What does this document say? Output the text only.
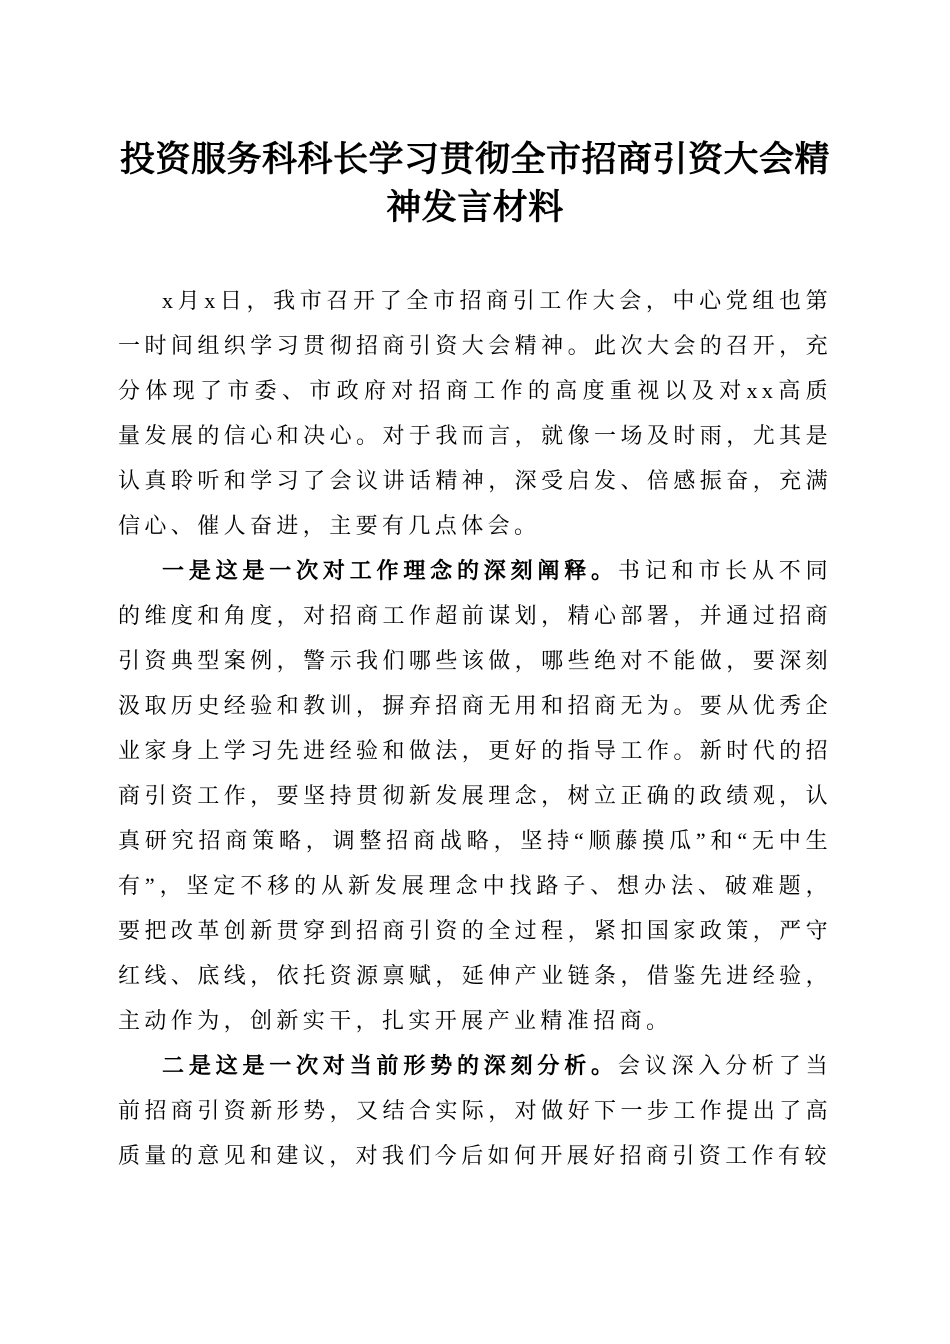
投资服务科科长学习贯彻全市招商引资大会精神发言材料

x月x日，我市召开了全市招商引工作大会，中心党组也第一时间组织学习贯彻招商引资大会精神。此次大会的召开，充分体现了市委、市政府对招商工作的高度重视以及对xx高质量发展的信心和决心。对于我而言，就像一场及时雨，尤其是认真聆听和学习了会议讲话精神，深受启发、倍感振奋，充满信心、催人奋进，主要有几点体会。

一是这是一次对工作理念的深刻阐释。书记和市长从不同的维度和角度，对招商工作超前谋划，精心部署，并通过招商引资典型案例，警示我们哪些该做，哪些绝对不能做，要深刻汲取历史经验和教训，摒弃招商无用和招商无为。要从优秀企业家身上学习先进经验和做法，更好的指导工作。新时代的招商引资工作，要坚持贯彻新发展理念，树立正确的政绩观，认真研究招商策略，调整招商战略，坚持“顺藤摸瓜”和“无中生有”，坚定不移的从新发展理念中找路子、想办法、破难题，要把改革创新贯穿到招商引资的全过程，紧扣国家政策，严守红线、底线，依托资源禀赋，延伸产业链条，借鉴先进经验，主动作为，创新实干，扎实开展产业精准招商。

二是这是一次对当前形势的深刻分析。会议深入分析了当前招商引资新形势，又结合实际，对做好下一步工作提出了高质量的意见和建议，对我们今后如何开展好招商引资工作有较
